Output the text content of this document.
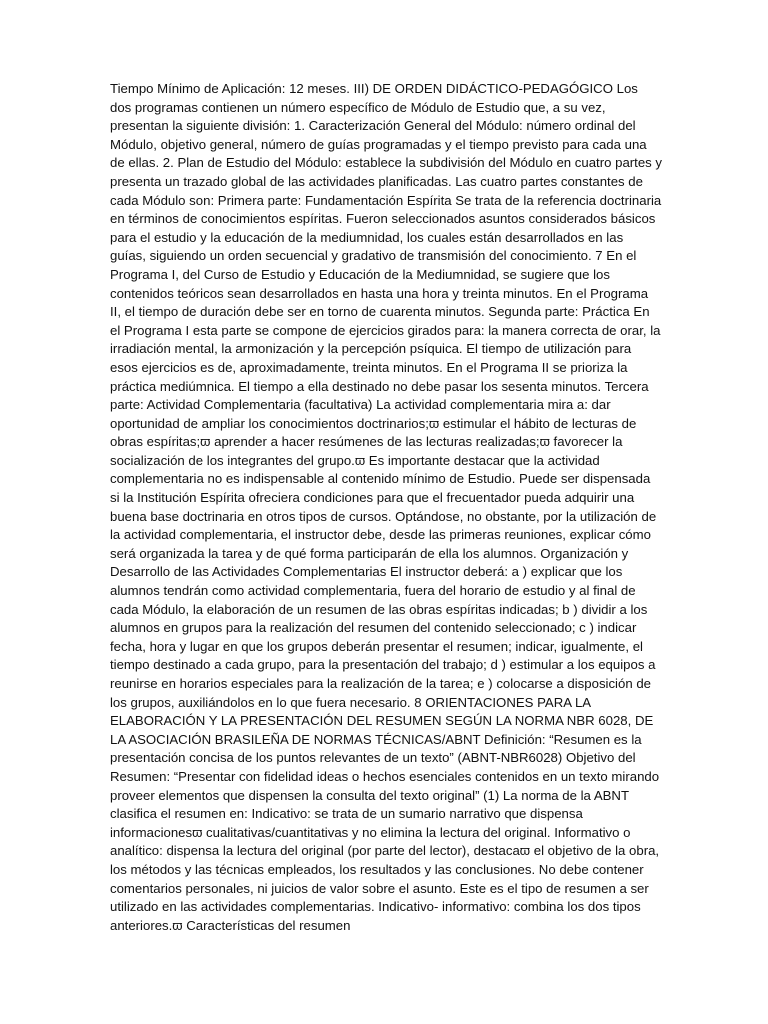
Tiempo Mínimo de Aplicación: 12 meses. III) DE ORDEN DIDÁCTICO-PEDAGÓGICO Los dos programas contienen un número específico de Módulo de Estudio que, a su vez, presentan la siguiente división: 1. Caracterización General del Módulo: número ordinal del Módulo, objetivo general, número de guías programadas y el tiempo previsto para cada una de ellas. 2. Plan de Estudio del Módulo: establece la subdivisión del Módulo en cuatro partes y presenta un trazado global de las actividades planificadas. Las cuatro partes constantes de cada Módulo son: Primera parte: Fundamentación Espírita Se trata de la referencia doctrinaria en términos de conocimientos espíritas. Fueron seleccionados asuntos considerados básicos para el estudio y la educación de la mediumnidad, los cuales están desarrollados en las guías, siguiendo un orden secuencial y gradativo de transmisión del conocimiento. 7 En el Programa I, del Curso de Estudio y Educación de la Mediumnidad, se sugiere que los contenidos teóricos sean desarrollados en hasta una hora y treinta minutos. En el Programa II, el tiempo de duración debe ser en torno de cuarenta minutos. Segunda parte: Práctica En el Programa I esta parte se compone de ejercicios girados para: la manera correcta de orar, la irradiación mental, la armonización y la percepción psíquica. El tiempo de utilización para esos ejercicios es de, aproximadamente, treinta minutos. En el Programa II se prioriza la práctica mediúmnica. El tiempo a ella destinado no debe pasar los sesenta minutos. Tercera parte: Actividad Complementaria (facultativa) La actividad complementaria mira a: dar oportunidad de ampliar los conocimientos doctrinarios;ϖ estimular el hábito de lecturas de obras espíritas;ϖ aprender a hacer resúmenes de las lecturas realizadas;ϖ favorecer la socialización de los integrantes del grupo.ϖ Es importante destacar que la actividad complementaria no es indispensable al contenido mínimo de Estudio. Puede ser dispensada si la Institución Espírita ofreciera condiciones para que el frecuentador pueda adquirir una buena base doctrinaria en otros tipos de cursos. Optándose, no obstante, por la utilización de la actividad complementaria, el instructor debe, desde las primeras reuniones, explicar cómo será organizada la tarea y de qué forma participarán de ella los alumnos. Organización y Desarrollo de las Actividades Complementarias El instructor deberá: a ) explicar que los alumnos tendrán como actividad complementaria, fuera del horario de estudio y al final de cada Módulo, la elaboración de un resumen de las obras espíritas indicadas; b ) dividir a los alumnos en grupos para la realización del resumen del contenido seleccionado; c ) indicar fecha, hora y lugar en que los grupos deberán presentar el resumen; indicar, igualmente, el tiempo destinado a cada grupo, para la presentación del trabajo; d ) estimular a los equipos a reunirse en horarios especiales para la realización de la tarea; e ) colocarse a disposición de los grupos, auxiliándolos en lo que fuera necesario. 8 ORIENTACIONES PARA LA ELABORACIÓN Y LA PRESENTACIÓN DEL RESUMEN SEGÚN LA NORMA NBR 6028, DE LA ASOCIACIÓN BRASILEÑA DE NORMAS TÉCNICAS/ABNT Definición: “Resumen es la presentación concisa de los puntos relevantes de un texto” (ABNT-NBR6028) Objetivo del Resumen: “Presentar con fidelidad ideas o hechos esenciales contenidos en un texto mirando proveer elementos que dispensen la consulta del texto original” (1) La norma de la ABNT clasifica el resumen en: Indicativo: se trata de un sumario narrativo que dispensa informacionesϖ cualitativas/cuantitativas y no elimina la lectura del original. Informativo o analítico: dispensa la lectura del original (por parte del lector), destacaϖ el objetivo de la obra, los métodos y las técnicas empleados, los resultados y las conclusiones. No debe contener comentarios personales, ni juicios de valor sobre el asunto. Este es el tipo de resumen a ser utilizado en las actividades complementarias. Indicativo- informativo: combina los dos tipos anteriores.ϖ Características del resumen
